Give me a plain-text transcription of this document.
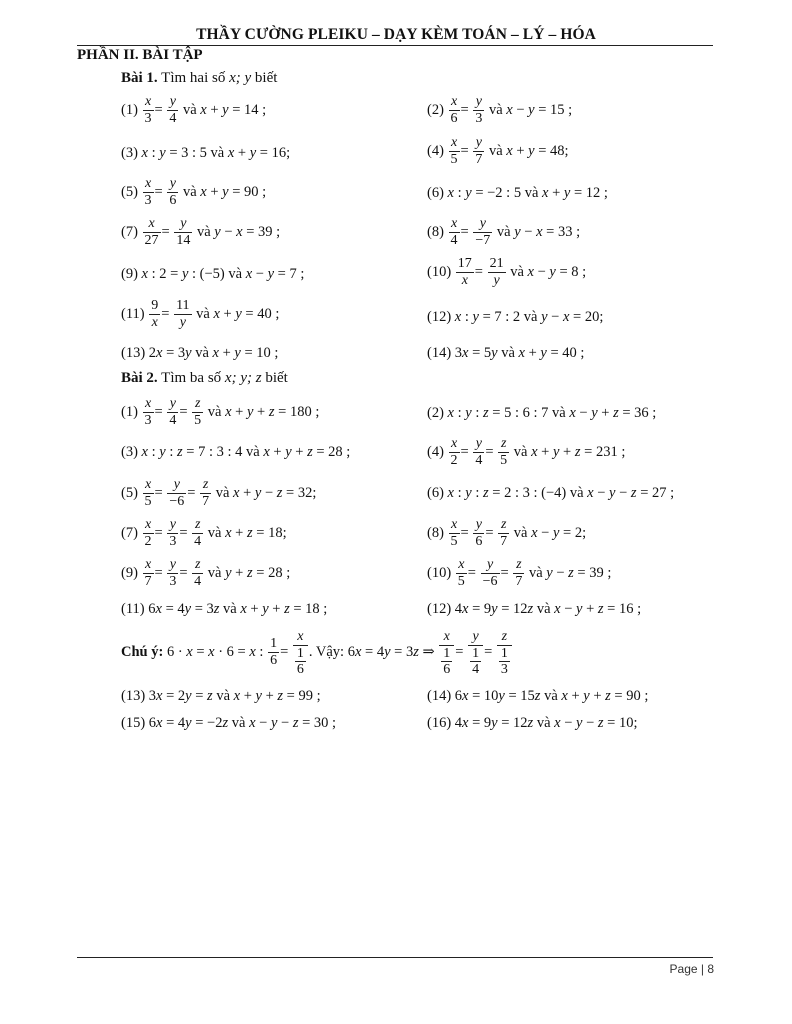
THẦY CƯỜNG PLEIKU – DẠY KÈM TOÁN – LÝ – HÓA
PHẦN II. BÀI TẬP
Bài 1. Tìm hai số x; y biết
$(1) \frac{x}{3} = \frac{y}{4}$ và x + y = 14 ;	$(2) \frac{x}{6} = \frac{y}{3}$ và x − y = 15 ;
(3) x : y = 3 : 5 và x + y = 16;	$(4) \frac{x}{5} = \frac{y}{7}$ và x + y = 48;
$(5) \frac{x}{3} = \frac{y}{6}$ và x + y = 90 ;	(6) x : y = −2 : 5 và x + y = 12 ;
$(7) \frac{x}{27} = \frac{y}{14}$ và y − x = 39 ;	$(8) \frac{x}{4} = \frac{y}{-7}$ và y − x = 33 ;
(9) x : 2 = y : (−5) và x − y = 7 ;	$(10) \frac{17}{x} = \frac{21}{y}$ và x − y = 8 ;
$(11) \frac{9}{x} = \frac{11}{y}$ và x + y = 40 ;	(12) x : y = 7 : 2 và y − x = 20;
(13) 2x = 3y và x + y = 10 ;	(14) 3x = 5y và x + y = 40 ;
Bài 2. Tìm ba số x; y; z biết
$(1) \frac{x}{3} = \frac{y}{4} = \frac{z}{5}$ và x + y + z = 180 ;	(2) x : y : z = 5 : 6 : 7 và x − y + z = 36 ;
(3) x : y : z = 7 : 3 : 4 và x + y + z = 28 ;	$(4) \frac{x}{2} = \frac{y}{4} = \frac{z}{5}$ và x + y + z = 231 ;
$(5) \frac{x}{5} = \frac{y}{-6} = \frac{z}{7}$ và x + y − z = 32;	(6) x : y : z = 2 : 3 : (−4) và x − y − z = 27 ;
$(7) \frac{x}{2} = \frac{y}{3} = \frac{z}{4}$ và x + z = 18;	$(8) \frac{x}{5} = \frac{y}{6} = \frac{z}{7}$ và x − y = 2;
$(9) \frac{x}{7} = \frac{y}{3} = \frac{z}{4}$ và y + z = 28 ;	$(10) \frac{x}{5} = \frac{y}{-6} = \frac{z}{7}$ và y − z = 39 ;
(11) 6x = 4y = 3z và x + y + z = 18 ;	(12) 4x = 9y = 12z và x − y + z = 16 ;
Chú ý: 6 · x = x · 6 = x : $\frac{1}{6} = \frac{x}{\frac{1}{6}}$ . Vậy: 6x = 4y = 3z ⇒ $\frac{x}{\frac{1}{6}} = \frac{y}{\frac{1}{4}} = \frac{z}{\frac{1}{3}}$
(13) 3x = 2y = z và x + y + z = 99 ;	(14) 6x = 10y = 15z và x + y + z = 90 ;
(15) 6x = 4y = −2z và x − y − z = 30 ;	(16) 4x = 9y = 12z và x − y − z = 10;
Page | 8
